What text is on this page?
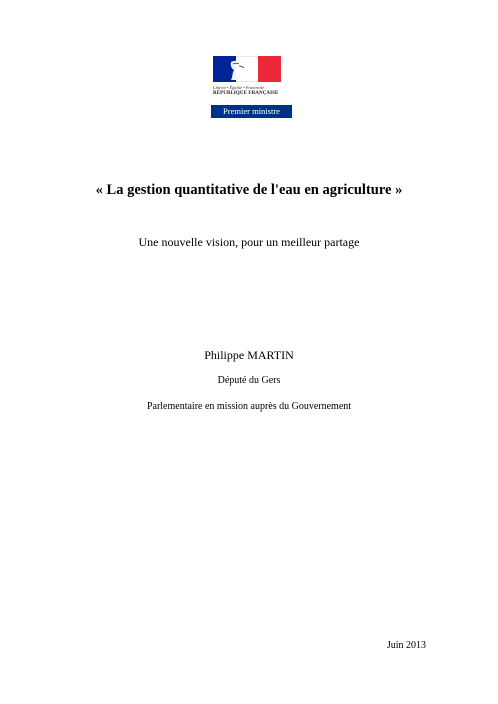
Liberté • Égalité • Fraternité
RÉPUBLIQUE FRANÇAISE
Premier ministre
« La gestion quantitative de l'eau en agriculture »
Une nouvelle vision, pour un meilleur partage
Philippe MARTIN
Député du Gers
Parlementaire en mission auprès du Gouvernement
Juin 2013
